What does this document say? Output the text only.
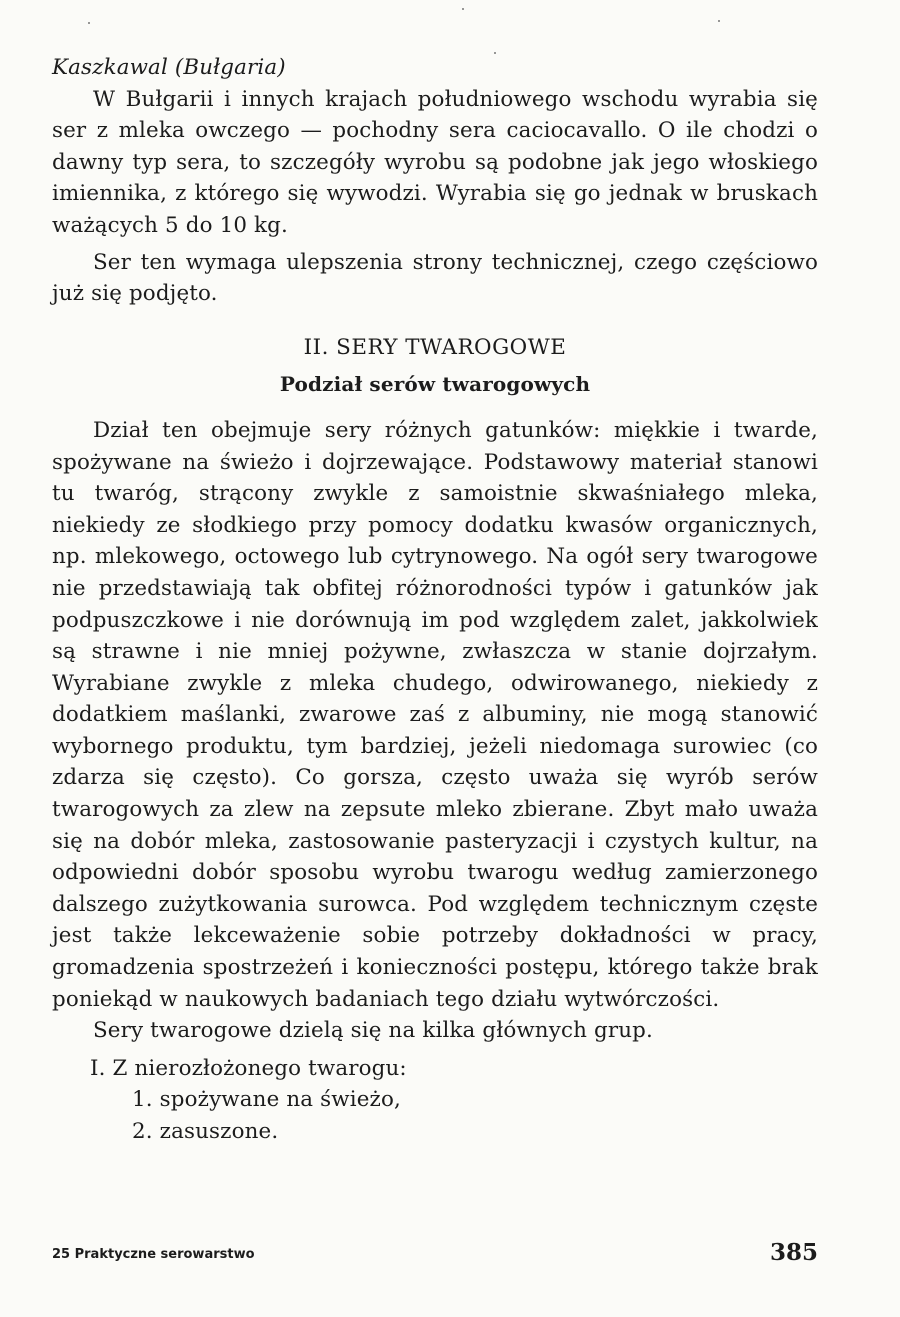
Kaszkawal (Bułgaria)

W Bułgarii i innych krajach południowego wschodu wyrabia się ser z mleka owczego — pochodny sera caciocavallo. O ile chodzi o dawny typ sera, to szczegóły wyrobu są podobne jak jego włoskiego imiennika, z którego się wywodzi. Wyrabia się go jednak w bruskach ważących 5 do 10 kg.

Ser ten wymaga ulepszenia strony technicznej, czego częściowo już się podjęto.

II. SERY TWAROGOWE

Podział serów twarogowych

Dział ten obejmuje sery różnych gatunków: miękkie i twarde, spożywane na świeżo i dojrzewające. Podstawowy materiał stanowi tu twaróg, strącony zwykle z samoistnie skwaśniałego mleka, niekiedy ze słodkiego przy pomocy dodatku kwasów organicznych, np. mlekowego, octowego lub cytrynowego. Na ogół sery twarogowe nie przedstawiają tak obfitej różnorodności typów i gatunków jak podpuszczkowe i nie dorównują im pod względem zalet, jakkolwiek są strawne i nie mniej pożywne, zwłaszcza w stanie dojrzałym. Wyrabiane zwykle z mleka chudego, odwirowanego, niekiedy z dodatkiem maślanki, zwarowe zaś z albuminy, nie mogą stanowić wybornego produktu, tym bardziej, jeżeli niedomaga surowiec (co zdarza się często). Co gorsza, często uważa się wyrób serów twarogowych za zlew na zepsute mleko zbierane. Zbyt mało uważa się na dobór mleka, zastosowanie pasteryzacji i czystych kultur, na odpowiedni dobór sposobu wyrobu twarogu według zamierzonego dalszego zużytkowania surowca. Pod względem technicznym częste jest także lekceważenie sobie potrzeby dokładności w pracy, gromadzenia spostrzeżeń i konieczności postępu, którego także brak poniekąd w naukowych badaniach tego działu wytwórczości.

Sery twarogowe dzielą się na kilka głównych grup.

I. Z nierozłożonego twarogu:

1. spożywane na świeżo,

2. zasuszone.

25 Praktyczne serowarstwo	385
